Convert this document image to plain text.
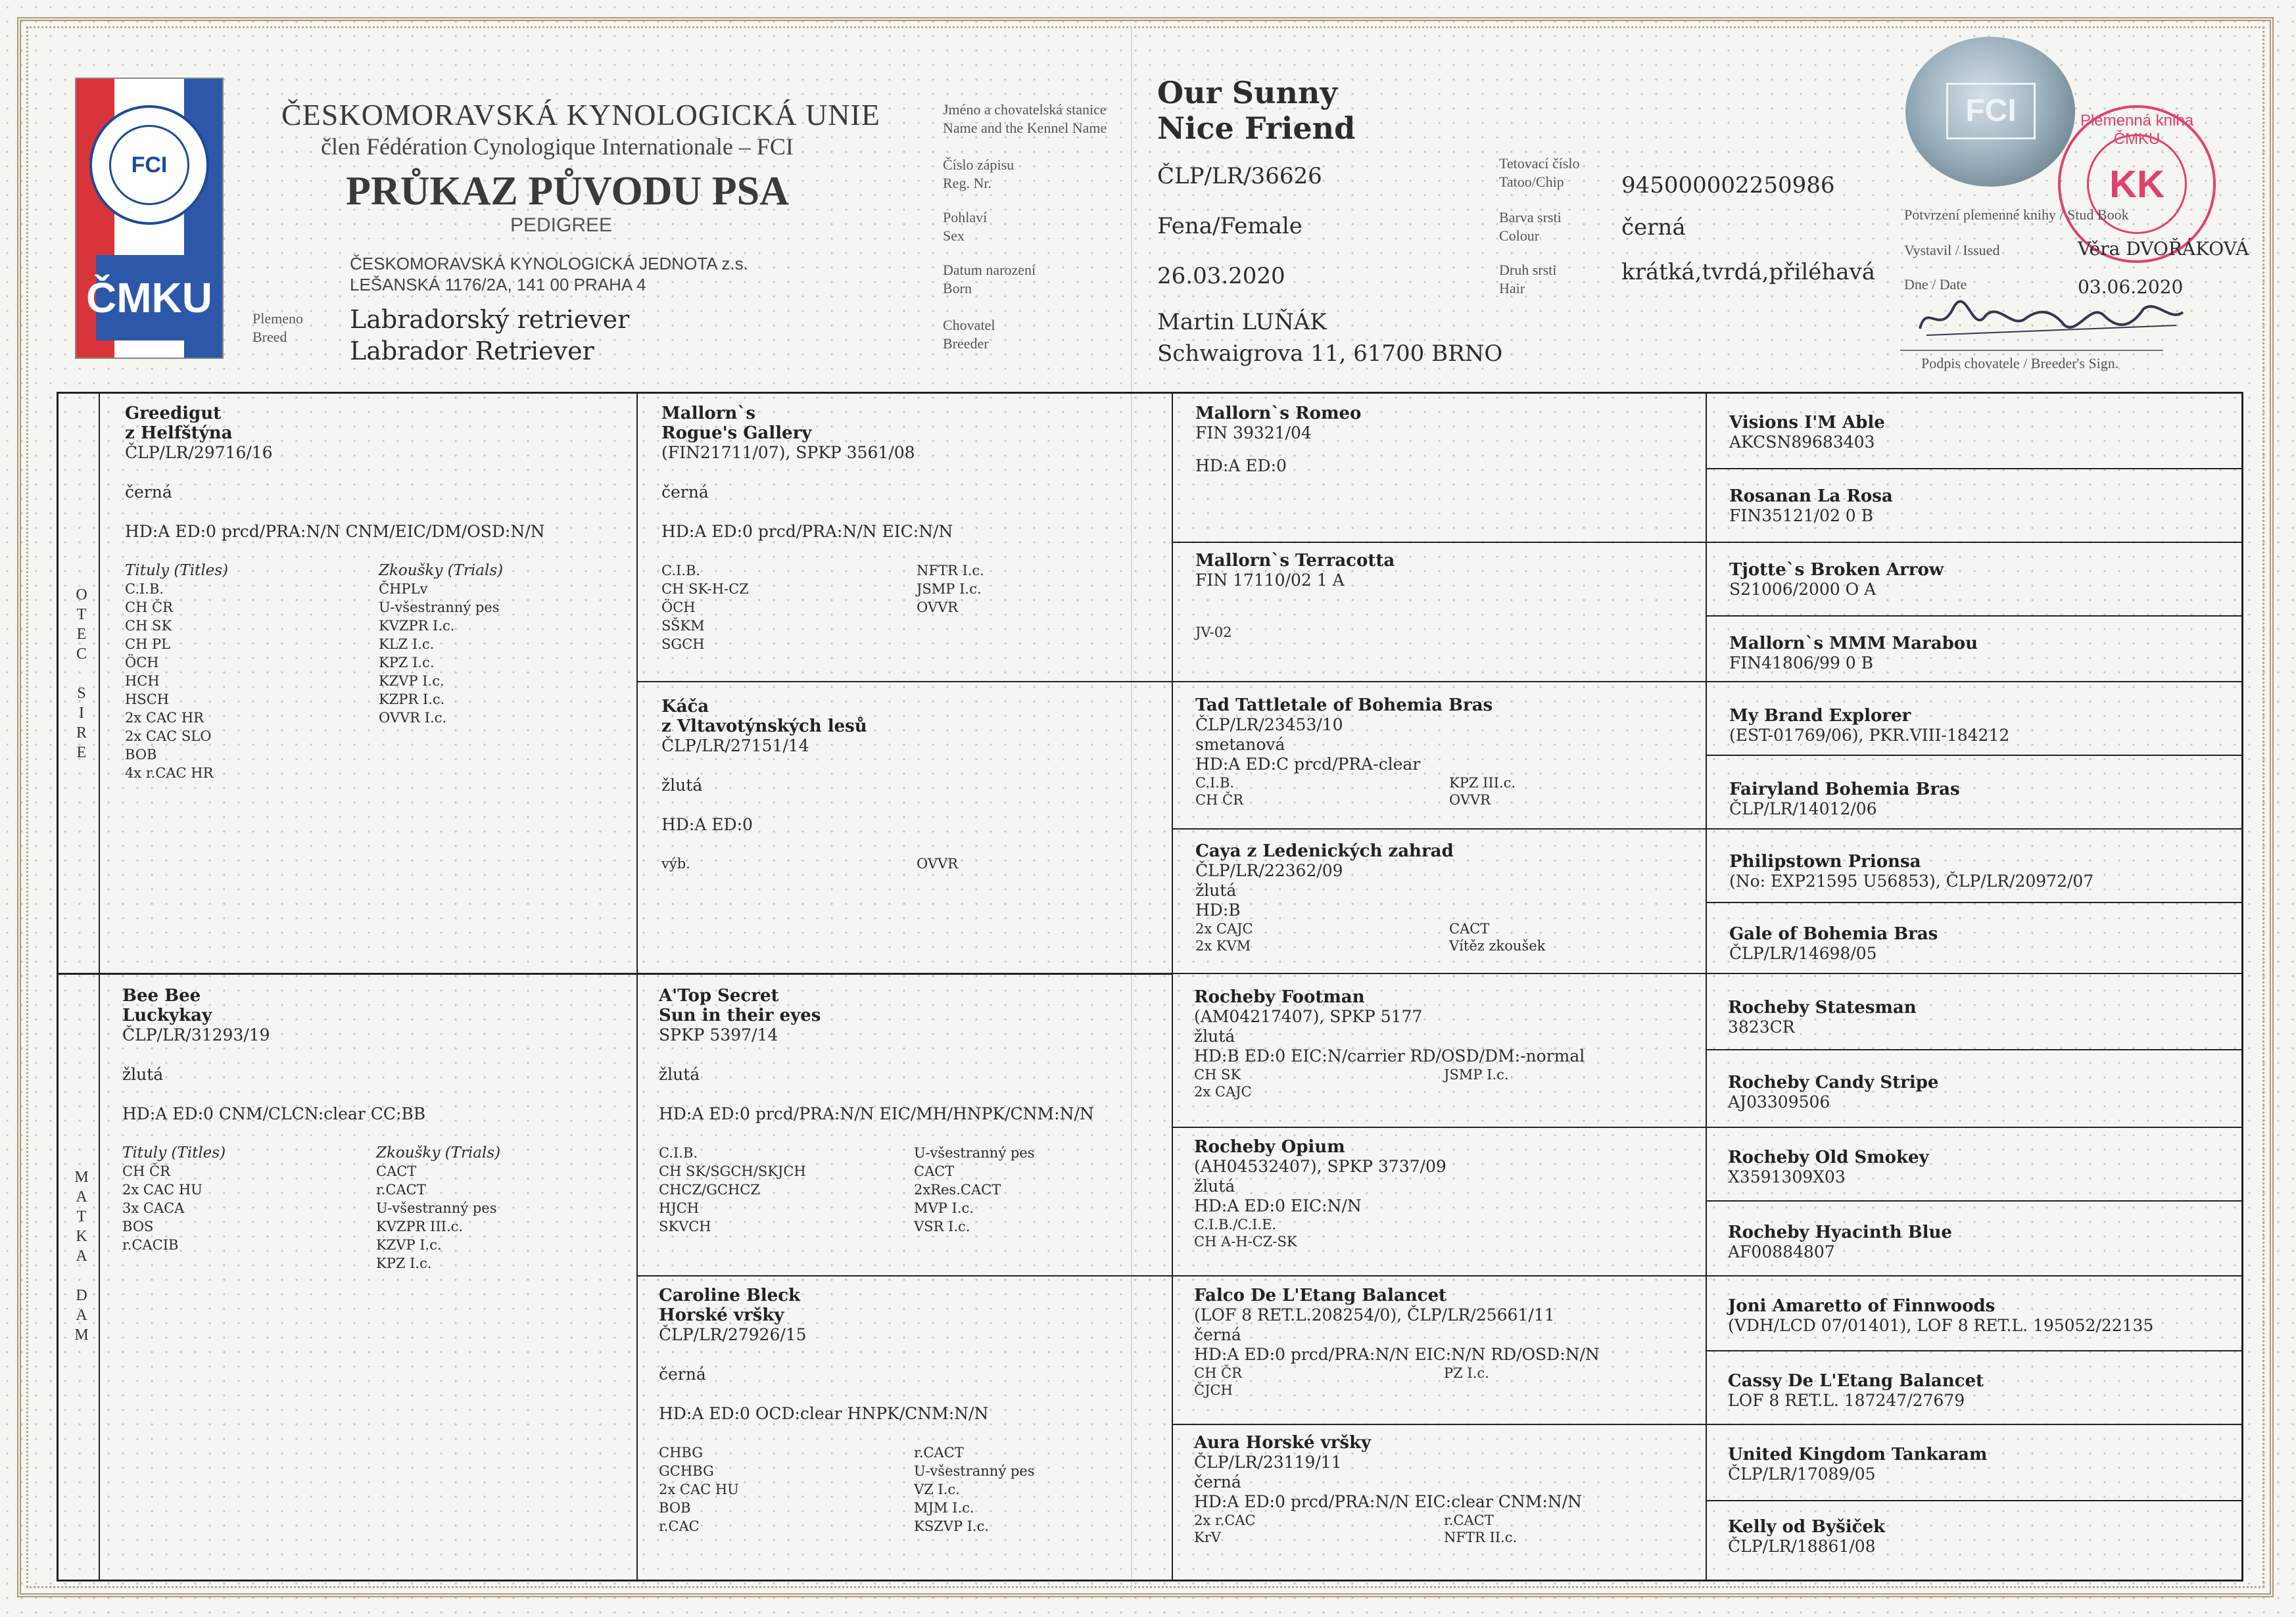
FCI
ČMKU
ČESKOMORAVSKÁ KYNOLOGICKÁ UNIE
člen Fédération Cynologique Internationale – FCI
PRŮKAZ PŮVODU PSA
PEDIGREE
ČESKOMORAVSKÁ KYNOLOGICKÁ JEDNOTA z.s.
LEŠANSKÁ 1176/2A, 141 00 PRAHA 4
Plemeno
Breed
Labradorský retriever
Labrador Retriever
Jméno a chovatelská stanice
Name and the Kennel Name
Our Sunny
Nice Friend
Číslo zápisu
Reg. Nr.	ČLP/LR/36626
Pohlaví
Sex	Fena/Female
Datum narození
Born	26.03.2020
Chovatel
Breeder
Martin LUŇÁK
Schwaigrova 11, 61700 BRNO
Tetovací číslo
Tatoo/Chip	945000002250986
Barva srsti
Colour	černá
Druh srsti
Hair
krátká,tvrdá,přiléhavá
FCI	Plemenná kniha ČMKU
KK
Potvrzení plemenné knihy / Stud Book
Vystavil / Issued	Věra DVOŘÁKOVÁ
Dne / Date	03.06.2020
Podpis chovatele / Breeder's Sign.
O
T
E
C

S
I
R
E
M
A
T
K
A

D
A
M
Greedigut
z Helfštýna
ČLP/LR/29716/16
černá
HD:A ED:0 prcd/PRA:N/N CNM/EIC/DM/OSD:N/N
Tituly (Titles)
C.I.B.
CH ČR
CH SK
CH PL
ÖCH
HCH
HSCH
2x CAC HR
2x CAC SLO
BOB
4x r.CAC HR
Zkoušky (Trials)
ČHPLv
U-všestranný pes
KVZPR I.c.
KLZ I.c.
KPZ I.c.
KZVP I.c.
KZPR I.c.
OVVR I.c.
Bee Bee
Luckykay
ČLP/LR/31293/19
žlutá
HD:A ED:0 CNM/CLCN:clear CC:BB
Tituly (Titles)
CH ČR
2x CAC HU
3x CACA
BOS
r.CACIB
Zkoušky (Trials)
CACT
r.CACT
U-všestranný pes
KVZPR III.c.
KZVP I.c.
KPZ I.c.
Mallorn`s
Rogue's Gallery
(FIN21711/07), SPKP 3561/08
černá
HD:A ED:0 prcd/PRA:N/N EIC:N/N
C.I.B.
CH SK-H-CZ
ÖCH
SŠKM
SGCH
NFTR I.c.
JSMP I.c.
OVVR
Káča
z Vltavotýnských lesů
ČLP/LR/27151/14
žlutá
HD:A ED:0
výb.	OVVR
A'Top Secret
Sun in their eyes
SPKP 5397/14
žlutá
HD:A ED:0 prcd/PRA:N/N EIC/MH/HNPK/CNM:N/N
C.I.B.
CH SK/SGCH/SKJCH
CHCZ/GCHCZ
HJCH
SKVCH
U-všestranný pes
CACT
2xRes.CACT
MVP I.c.
VSR I.c.
Caroline Bleck
Horské vršky
ČLP/LR/27926/15
černá
HD:A ED:0 OCD:clear HNPK/CNM:N/N
CHBG
GCHBG
2x CAC HU
BOB
r.CAC
r.CACT
U-všestranný pes
VZ I.c.
MJM I.c.
KSZVP I.c.
Mallorn`s Romeo
FIN 39321/04
HD:A ED:0
Mallorn`s Terracotta
FIN 17110/02 1 A
JV-02
Tad Tattletale of Bohemia Bras
ČLP/LR/23453/10
smetanová
HD:A ED:C prcd/PRA-clear
C.I.B.
CH ČR
KPZ III.c.
OVVR
Caya z Ledenických zahrad
ČLP/LR/22362/09
žlutá
HD:B
2x CAJC
2x KVM
CACT
Vítěz zkoušek
Rocheby Footman
(AM04217407), SPKP 5177
žlutá
HD:B ED:0 EIC:N/carrier RD/OSD/DM:-normal
CH SK
2x CAJC
JSMP I.c.
Rocheby Opium
(AH04532407), SPKP 3737/09
žlutá
HD:A ED:0 EIC:N/N
C.I.B./C.I.E.
CH A-H-CZ-SK
Falco De L'Etang Balancet
(LOF 8 RET.L.208254/0), ČLP/LR/25661/11
černá
HD:A ED:0 prcd/PRA:N/N EIC:N/N RD/OSD:N/N
CH ČR
ČJCH
PZ I.c.
Aura Horské vršky
ČLP/LR/23119/11
černá
HD:A ED:0 prcd/PRA:N/N EIC:clear CNM:N/N
2x r.CAC
KrV
r.CACT
NFTR II.c.
Visions I'M Able
AKCSN89683403
Rosanan La Rosa
FIN35121/02 0 B
Tjotte`s Broken Arrow
S21006/2000 O A
Mallorn`s MMM Marabou
FIN41806/99 0 B
My Brand Explorer
(EST-01769/06), PKR.VIII-184212
Fairyland Bohemia Bras
ČLP/LR/14012/06
Philipstown Prionsa
(No: EXP21595 U56853), ČLP/LR/20972/07
Gale of Bohemia Bras
ČLP/LR/14698/05
Rocheby Statesman
3823CR
Rocheby Candy Stripe
AJ03309506
Rocheby Old Smokey
X3591309X03
Rocheby Hyacinth Blue
AF00884807
Joni Amaretto of Finnwoods
(VDH/LCD 07/01401), LOF 8 RET.L. 195052/22135
Cassy De L'Etang Balancet
LOF 8 RET.L. 187247/27679
United Kingdom Tankaram
ČLP/LR/17089/05
Kelly od Byšiček
ČLP/LR/18861/08
